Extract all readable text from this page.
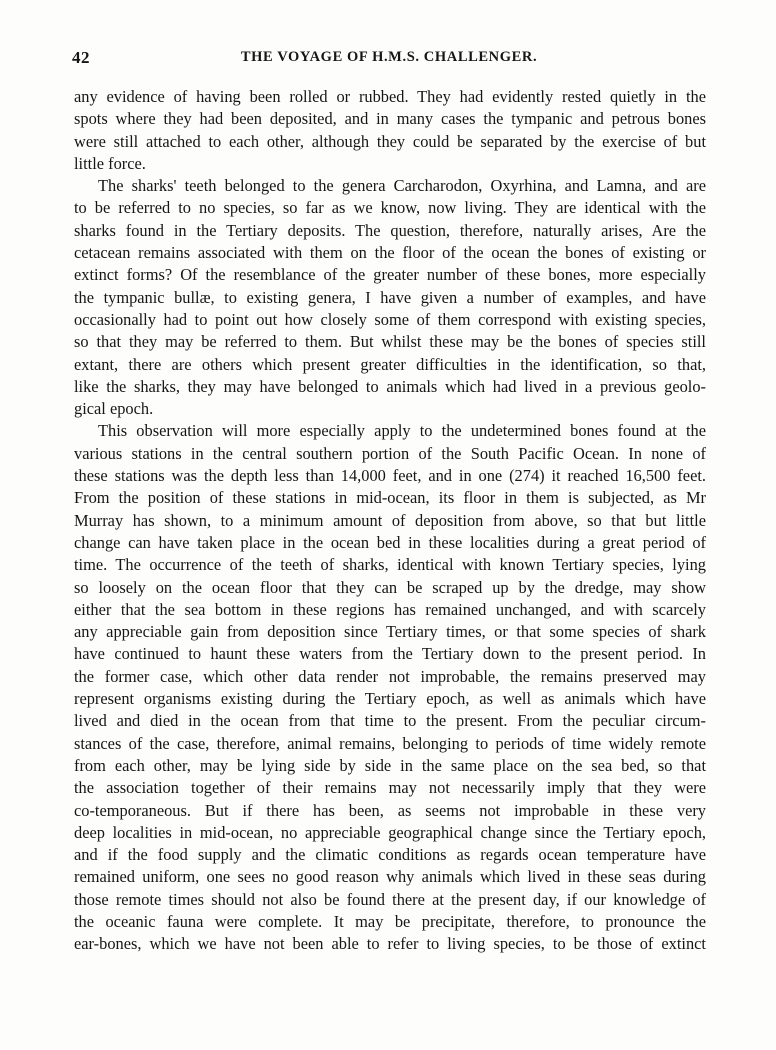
42	THE VOYAGE OF H.M.S. CHALLENGER.
any evidence of having been rolled or rubbed. They had evidently rested quietly in the
spots where they had been deposited, and in many cases the tympanic and petrous bones
were still attached to each other, although they could be separated by the exercise of but
little force.
The sharks' teeth belonged to the genera Carcharodon, Oxyrhina, and Lamna, and are
to be referred to no species, so far as we know, now living. They are identical with the
sharks found in the Tertiary deposits. The question, therefore, naturally arises, Are the
cetacean remains associated with them on the floor of the ocean the bones of existing or
extinct forms? Of the resemblance of the greater number of these bones, more especially
the tympanic bullæ, to existing genera, I have given a number of examples, and have
occasionally had to point out how closely some of them correspond with existing species,
so that they may be referred to them. But whilst these may be the bones of species still
extant, there are others which present greater difficulties in the identification, so that,
like the sharks, they may have belonged to animals which had lived in a previous geolo-
gical epoch.
This observation will more especially apply to the undetermined bones found at the
various stations in the central southern portion of the South Pacific Ocean. In none of
these stations was the depth less than 14,000 feet, and in one (274) it reached 16,500 feet.
From the position of these stations in mid-ocean, its floor in them is subjected, as Mr
Murray has shown, to a minimum amount of deposition from above, so that but little
change can have taken place in the ocean bed in these localities during a great period of
time. The occurrence of the teeth of sharks, identical with known Tertiary species, lying
so loosely on the ocean floor that they can be scraped up by the dredge, may show
either that the sea bottom in these regions has remained unchanged, and with scarcely
any appreciable gain from deposition since Tertiary times, or that some species of shark
have continued to haunt these waters from the Tertiary down to the present period. In
the former case, which other data render not improbable, the remains preserved may
represent organisms existing during the Tertiary epoch, as well as animals which have
lived and died in the ocean from that time to the present. From the peculiar circum-
stances of the case, therefore, animal remains, belonging to periods of time widely remote
from each other, may be lying side by side in the same place on the sea bed, so that
the association together of their remains may not necessarily imply that they were
co-temporaneous. But if there has been, as seems not improbable in these very
deep localities in mid-ocean, no appreciable geographical change since the Tertiary epoch,
and if the food supply and the climatic conditions as regards ocean temperature have
remained uniform, one sees no good reason why animals which lived in these seas during
those remote times should not also be found there at the present day, if our knowledge of
the oceanic fauna were complete. It may be precipitate, therefore, to pronounce the
ear-bones, which we have not been able to refer to living species, to be those of extinct
